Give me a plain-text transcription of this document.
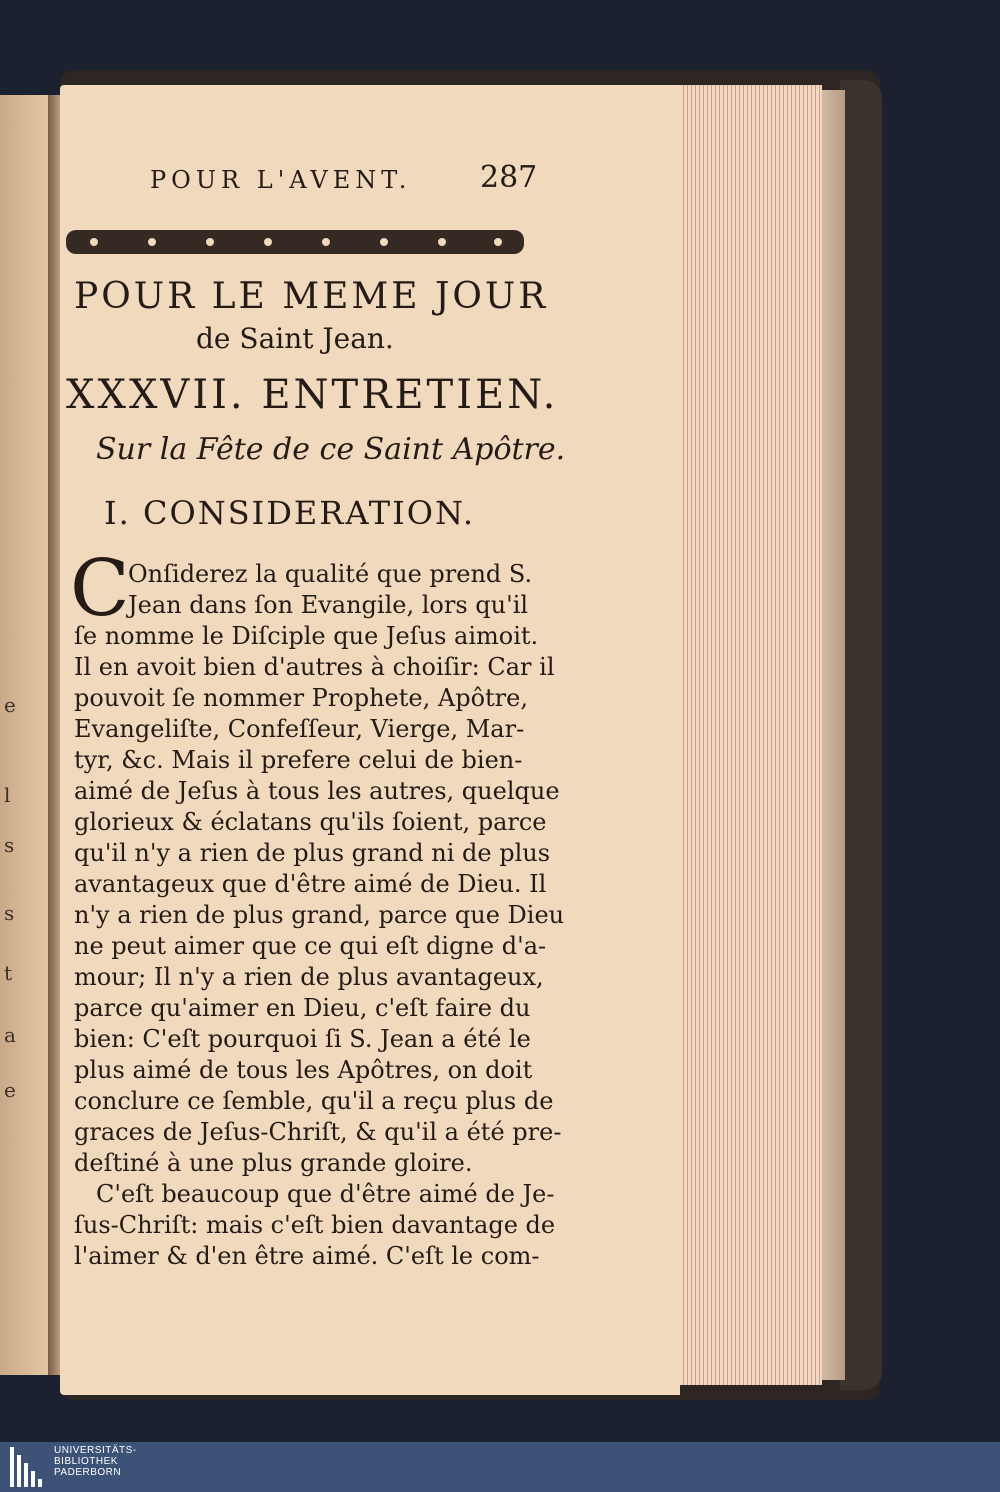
e
l
s
s
t
a
e
POUR L'AVENT. 287
POUR LE MEME JOUR
de Saint Jean.
XXXVII. ENTRETIEN.
Sur la Fête de ce Saint Apôtre.
I. CONSIDERATION.
C
Onſiderez la qualité que prend S.
Jean dans ſon Evangile, lors qu'il
ſe nomme le Diſciple que Jeſus aimoit.
Il en avoit bien d'autres à choiſir: Car il
pouvoit ſe nommer Prophete, Apôtre,
Evangeliſte, Confeſſeur, Vierge, Mar-
tyr, &c. Mais il prefere celui de bien-
aimé de Jeſus à tous les autres, quelque
glorieux & éclatans qu'ils ſoient, parce
qu'il n'y a rien de plus grand ni de plus
avantageux que d'être aimé de Dieu. Il
n'y a rien de plus grand, parce que Dieu
ne peut aimer que ce qui eſt digne d'a-
mour; Il n'y a rien de plus avantageux,
parce qu'aimer en Dieu, c'eſt faire du
bien: C'eſt pourquoi ſi S. Jean a été le
plus aimé de tous les Apôtres, on doit
conclure ce ſemble, qu'il a reçu plus de
graces de Jeſus-Chriſt, & qu'il a été pre-
deſtiné à une plus grande gloire.
C'eſt beaucoup que d'être aimé de Je-
ſus-Chriſt: mais c'eſt bien davantage de
l'aimer & d'en être aimé. C'eſt le com-
UNIVERSITÄTS-
BIBLIOTHEK
PADERBORN
